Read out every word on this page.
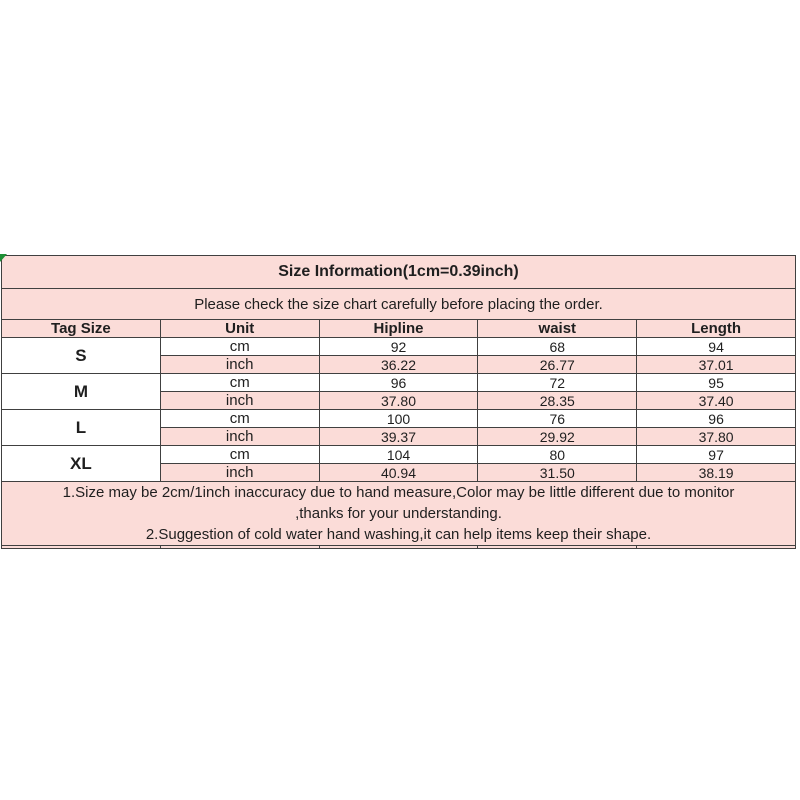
Size Information(1cm=0.39inch)				
Please check the size chart carefully before placing the order.				
Tag Size	Unit	Hipline	waist	Length
S	cm	92	68	94
	inch	36.22	26.77	37.01
M	cm	96	72	95
	inch	37.80	28.35	37.40
L	cm	100	76	96
	inch	39.37	29.92	37.80
XL	cm	104	80	97
	inch	40.94	31.50	38.19

1.Size may be 2cm/1inch inaccuracy due to hand measure,Color may be little different due to monitor
,thanks for your understanding.
2.Suggestion of cold water hand washing,it can help items keep their shape.				
